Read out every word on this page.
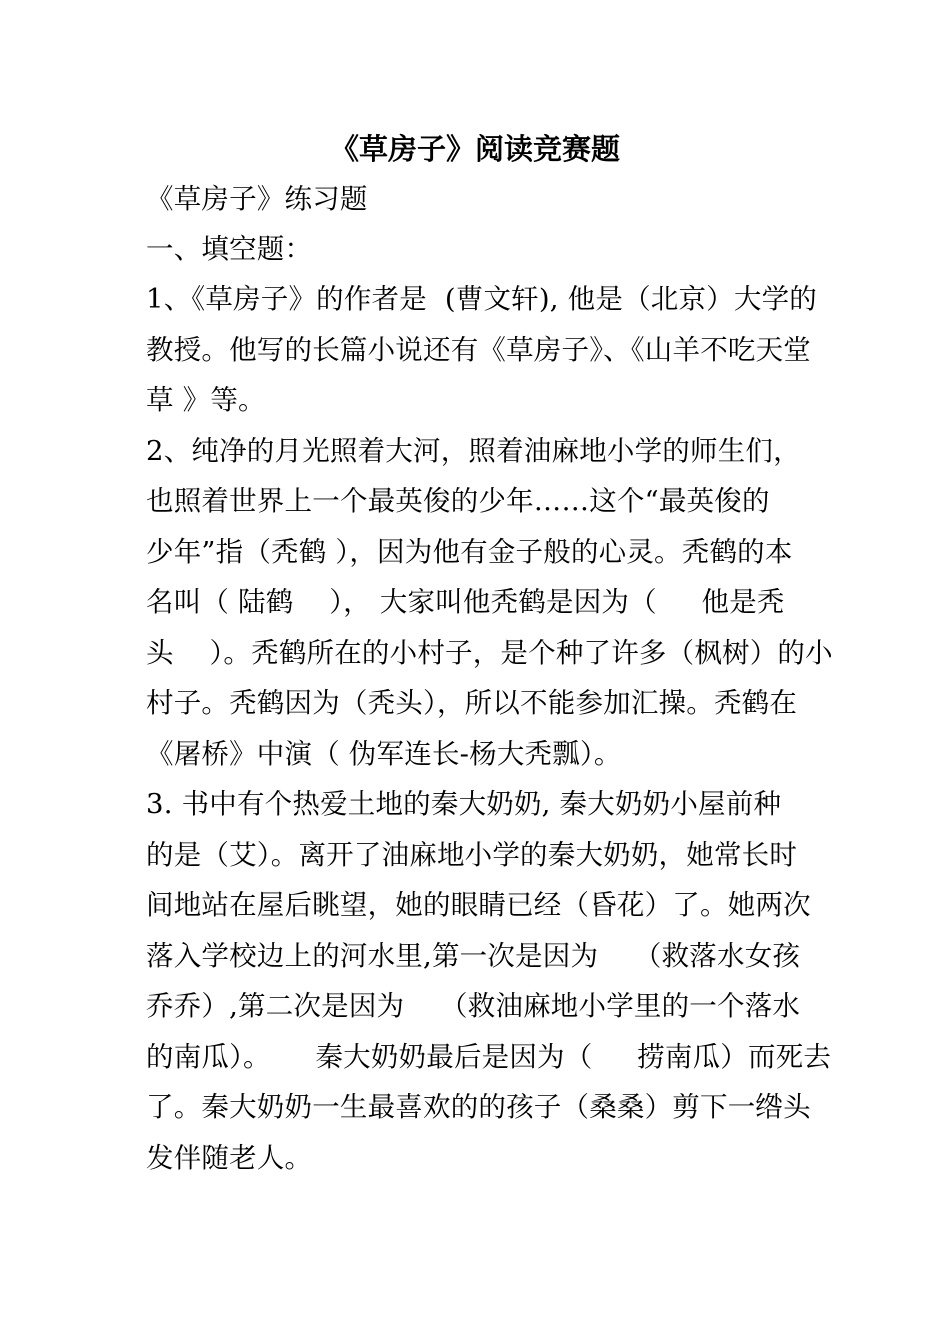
《草房子》阅读竞赛题

《草房子》练习题

一、填空题：

1、《草房子》的作者是  (曹文轩), 他是（北京）大学的
教授。他写的长篇小说还有《草房子》、《山羊不吃天堂
草 》等。
2、纯净的月光照着大河，照着油麻地小学的师生们，
也照着世界上一个最英俊的少年……这个“最英俊的
少年”指（秃鹤 ），因为他有金子般的心灵。秃鹤的本
名叫（ 陆鹤    ）， 大家叫他秃鹤是因为（     他是秃
头    ）。秃鹤所在的小村子，是个种了许多（枫树）的小
村子。秃鹤因为（秃头），所以不能参加汇操。秃鹤在
《屠桥》中演（ 伪军连长-杨大秃瓢）。
3. 书中有个热爱土地的秦大奶奶, 秦大奶奶小屋前种
的是（艾）。离开了油麻地小学的秦大奶奶，她常长时
间地站在屋后眺望，她的眼睛已经（昏花）了。她两次
落入学校边上的河水里,第一次是因为    （救落水女孩
乔乔）,第二次是因为    （救油麻地小学里的一个落水
的南瓜）。     秦大奶奶最后是因为（     捞南瓜）而死去
了。秦大奶奶一生最喜欢的的孩子（桑桑）剪下一绺头
发伴随老人。
